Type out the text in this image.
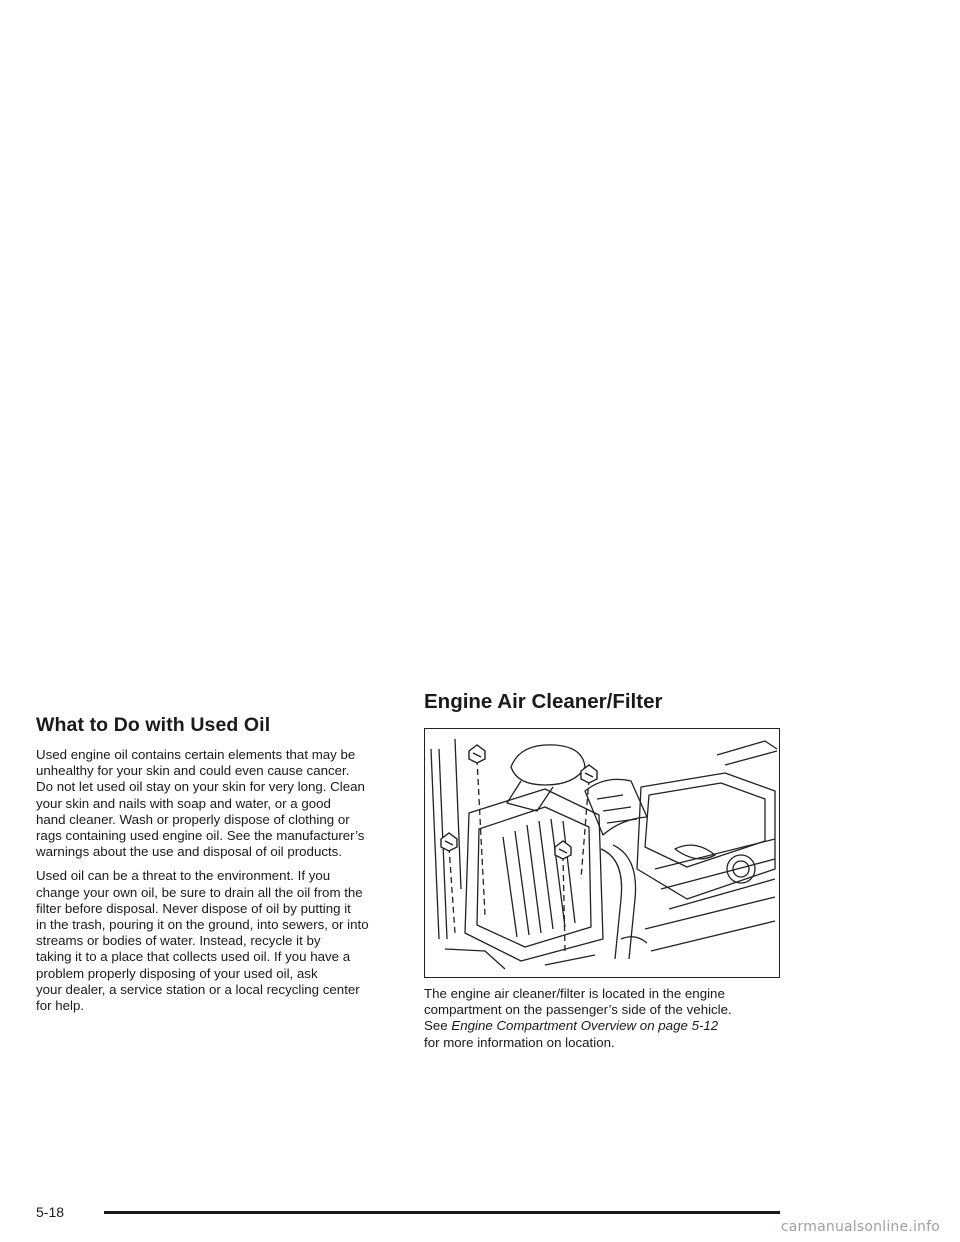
What to Do with Used Oil

Used engine oil contains certain elements that may be
unhealthy for your skin and could even cause cancer.
Do not let used oil stay on your skin for very long. Clean
your skin and nails with soap and water, or a good
hand cleaner. Wash or properly dispose of clothing or
rags containing used engine oil. See the manufacturer’s
warnings about the use and disposal of oil products.

Used oil can be a threat to the environment. If you
change your own oil, be sure to drain all the oil from the
filter before disposal. Never dispose of oil by putting it
in the trash, pouring it on the ground, into sewers, or into
streams or bodies of water. Instead, recycle it by
taking it to a place that collects used oil. If you have a
problem properly disposing of your used oil, ask
your dealer, a service station or a local recycling center
for help.

Engine Air Cleaner/Filter

The engine air cleaner/filter is located in the engine
compartment on the passenger’s side of the vehicle.
See Engine Compartment Overview on page 5-12
for more information on location.

5-18
carmanualsonline.info
